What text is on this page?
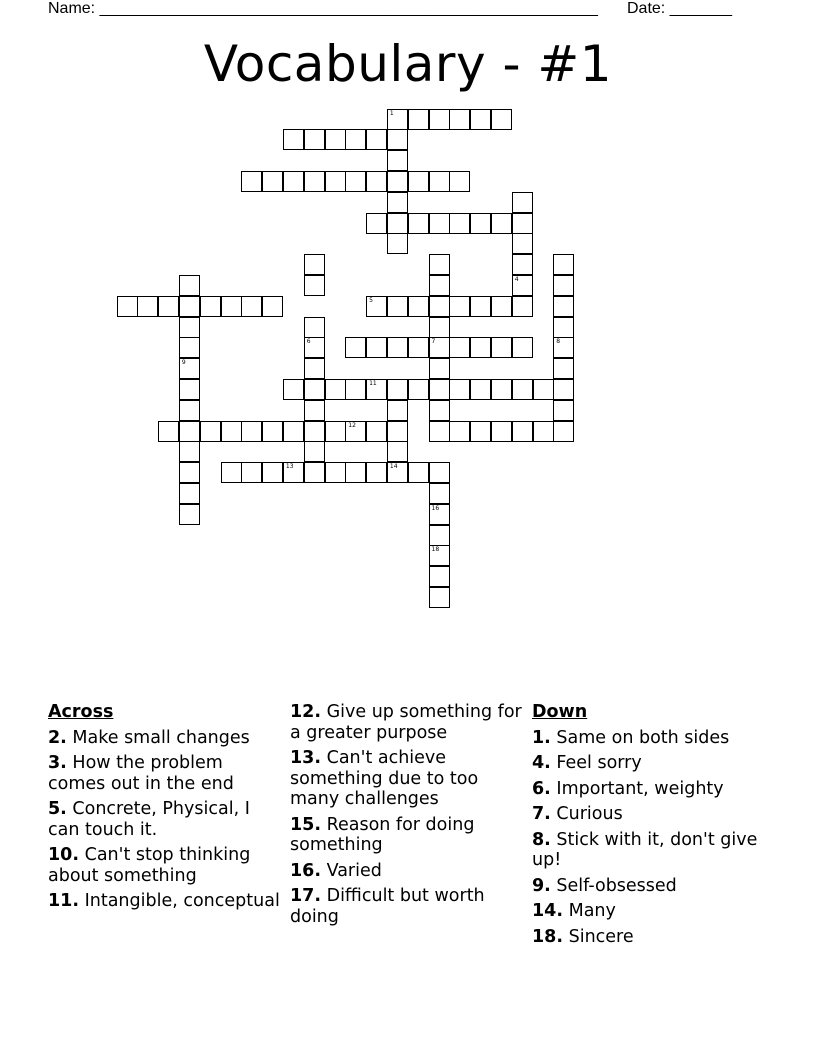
Name: ________________________________________________________ Date: _______
Vocabulary - #1
1
4
5
7
6	8
9
11
12
13	14
16
18
Across
2. Make small changes
3. How the problem comes out in the end
5. Concrete, Physical, I can touch it.
10. Can't stop thinking about something
11. Intangible, conceptual
12. Give up something for a greater purpose
13. Can't achieve something due to too many challenges
15. Reason for doing something
16. Varied
17. Difficult but worth doing
Down
1. Same on both sides
4. Feel sorry
6. Important, weighty
7. Curious
8. Stick with it, don't give up!
9. Self-obsessed
14. Many
18. Sincere
